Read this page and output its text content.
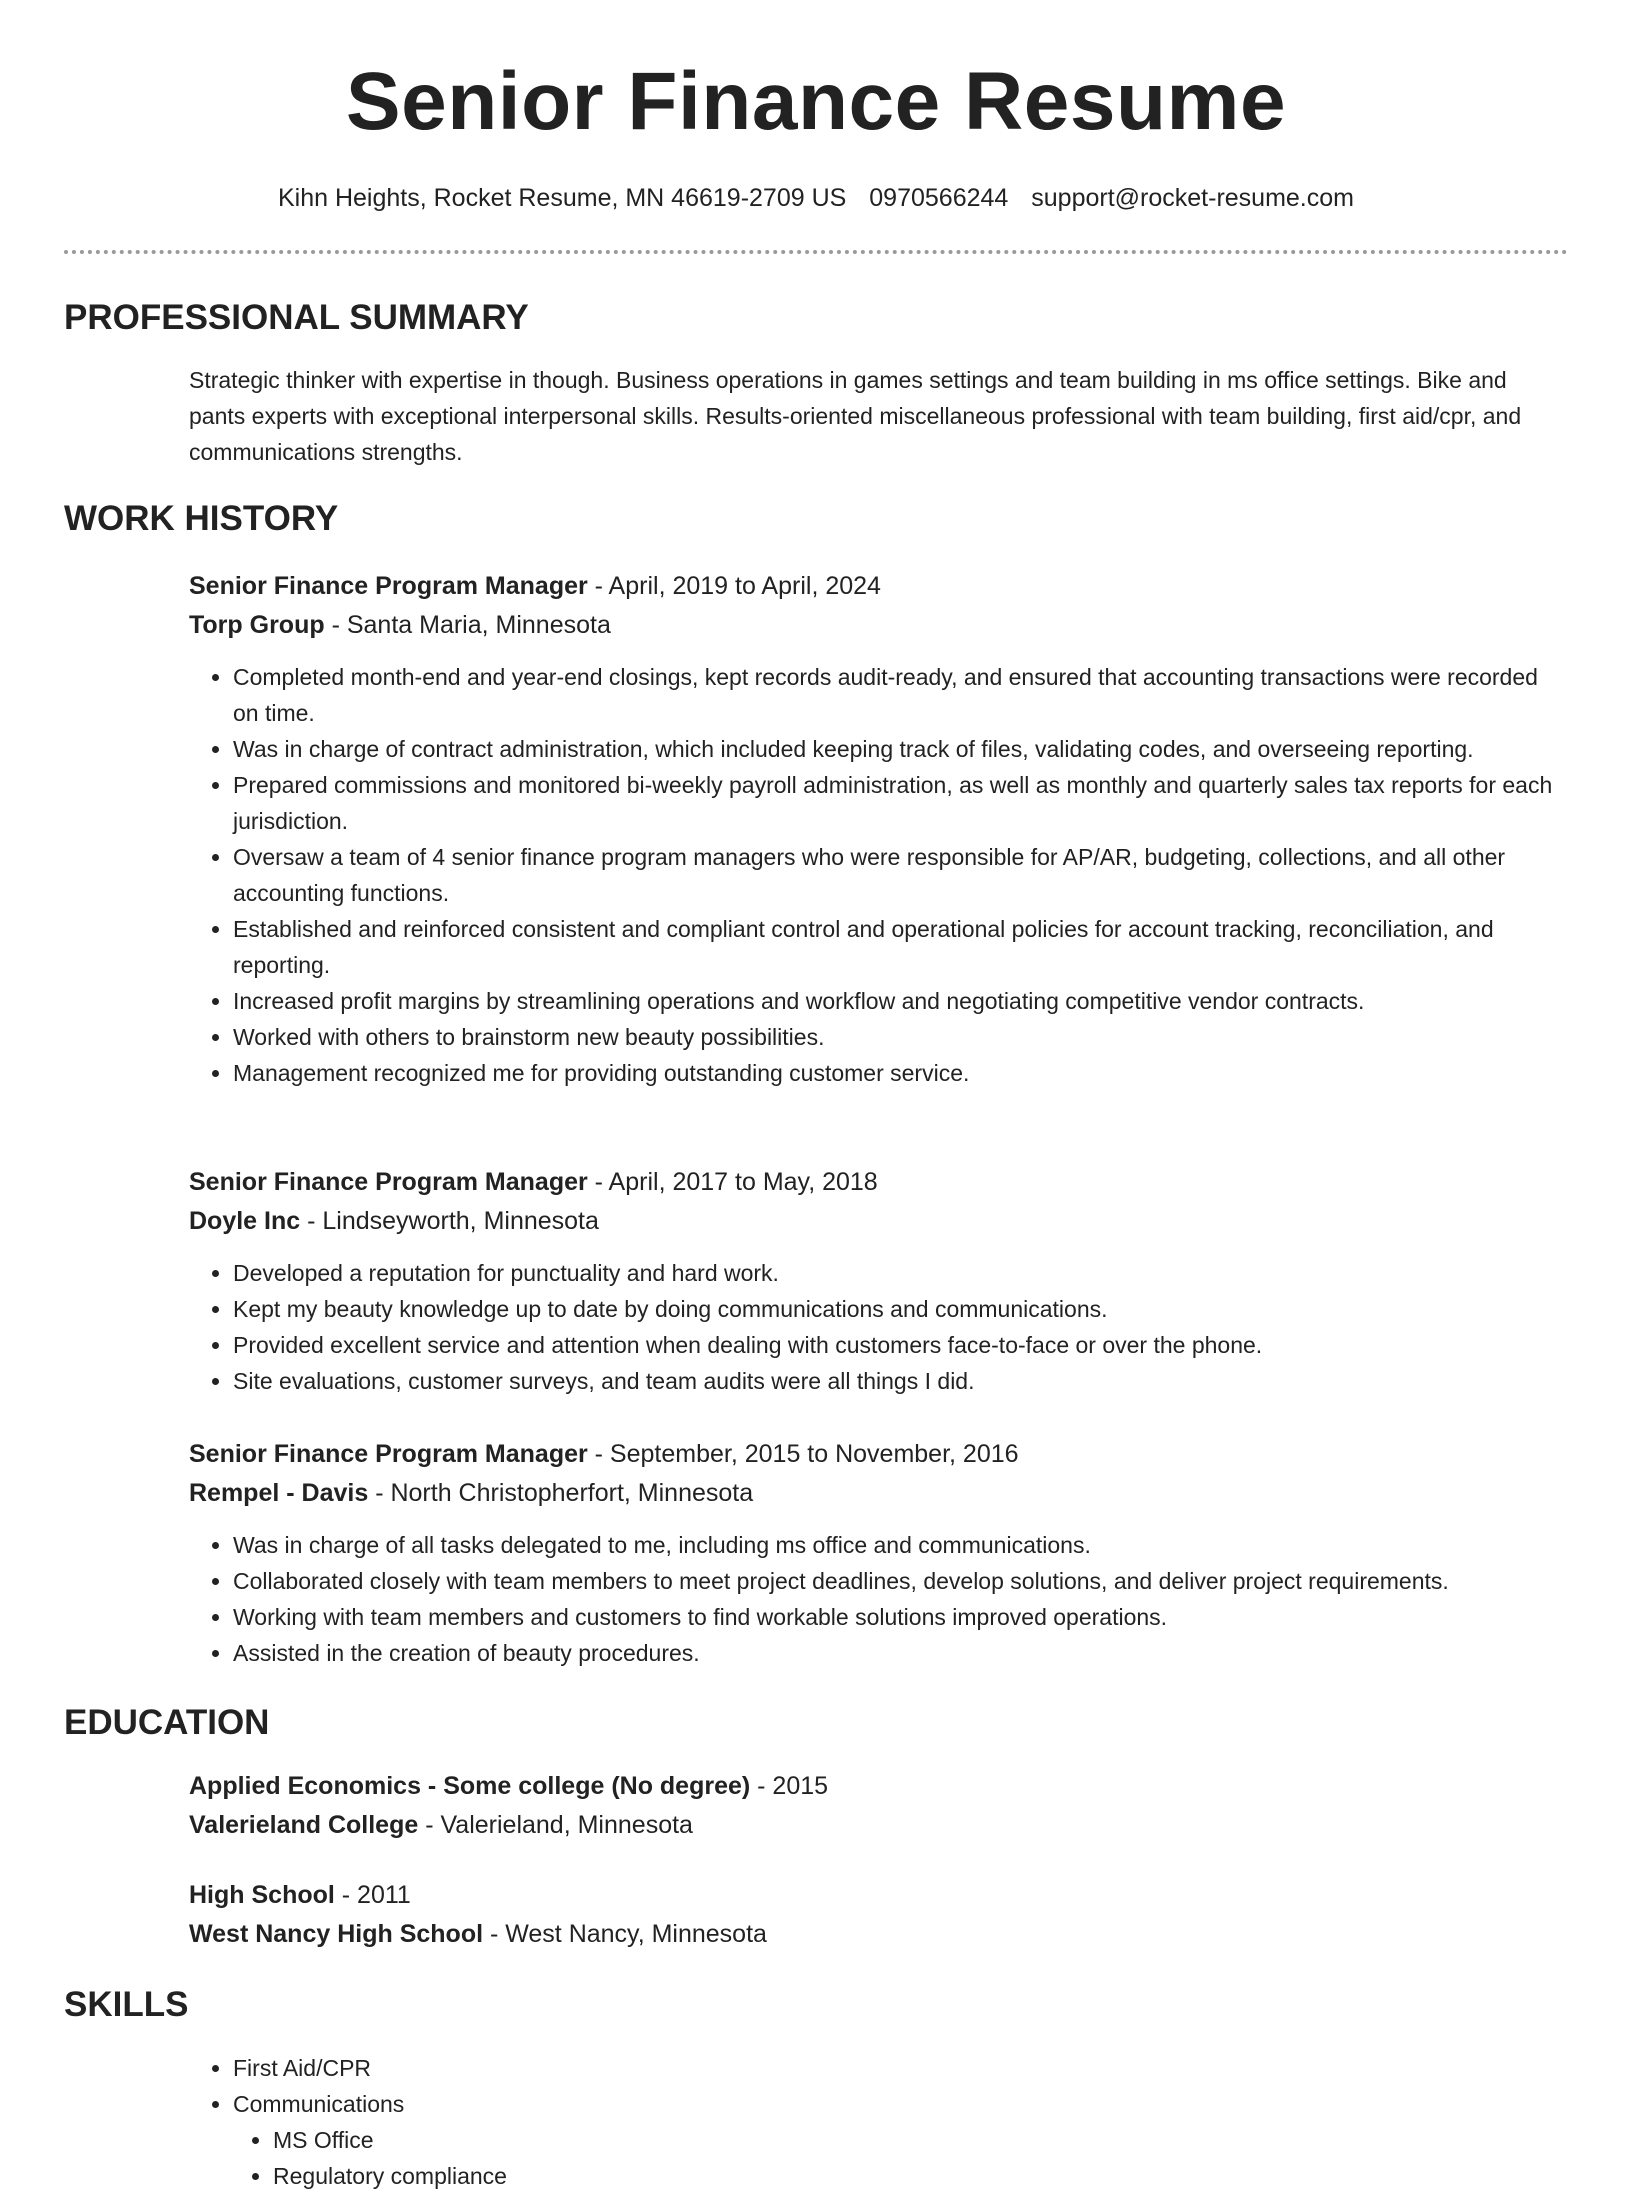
Senior Finance Resume
Kihn Heights, Rocket Resume, MN 46619-2709 US 0970566244 support@rocket-resume.com
PROFESSIONAL SUMMARY

Strategic thinker with expertise in though. Business operations in games settings and team building in ms office settings. Bike and pants experts with exceptional interpersonal skills. Results-oriented miscellaneous professional with team building, first aid/cpr, and communications strengths.

WORK HISTORY

Senior Finance Program Manager - April, 2019 to April, 2024

Torp Group - Santa Maria, Minnesota

• Completed month-end and year-end closings, kept records audit-ready, and ensured that accounting transactions were recorded on time.
• Was in charge of contract administration, which included keeping track of files, validating codes, and overseeing reporting.
• Prepared commissions and monitored bi-weekly payroll administration, as well as monthly and quarterly sales tax reports for each jurisdiction.
• Oversaw a team of 4 senior finance program managers who were responsible for AP/AR, budgeting, collections, and all other accounting functions.
• Established and reinforced consistent and compliant control and operational policies for account tracking, reconciliation, and reporting.
• Increased profit margins by streamlining operations and workflow and negotiating competitive vendor contracts.
• Worked with others to brainstorm new beauty possibilities.
• Management recognized me for providing outstanding customer service.

Senior Finance Program Manager - April, 2017 to May, 2018

Doyle Inc - Lindseyworth, Minnesota

• Developed a reputation for punctuality and hard work.
• Kept my beauty knowledge up to date by doing communications and communications.
• Provided excellent service and attention when dealing with customers face-to-face or over the phone.
• Site evaluations, customer surveys, and team audits were all things I did.

Senior Finance Program Manager - September, 2015 to November, 2016

Rempel - Davis - North Christopherfort, Minnesota

• Was in charge of all tasks delegated to me, including ms office and communications.
• Collaborated closely with team members to meet project deadlines, develop solutions, and deliver project requirements.
• Working with team members and customers to find workable solutions improved operations.
• Assisted in the creation of beauty procedures.
EDUCATION

Applied Economics - Some college (No degree) - 2015

Valerieland College - Valerieland, Minnesota

High School - 2011

West Nancy High School - West Nancy, Minnesota

SKILLS
• First Aid/CPR
• Communications
• MS Office
• Regulatory compliance
